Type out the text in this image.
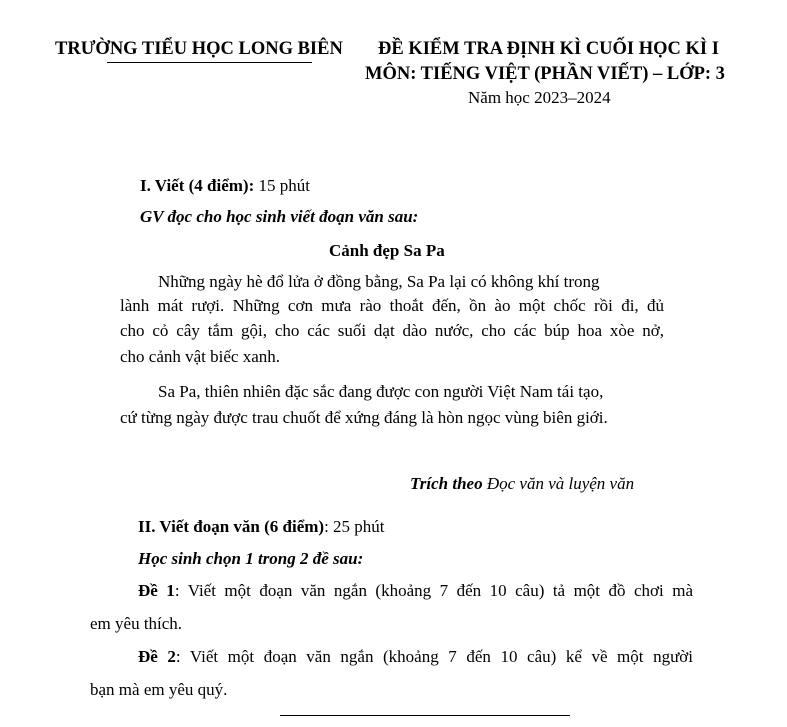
TRƯỜNG TIỂU HỌC LONG BIÊN ĐỀ KIỂM TRA ĐỊNH KÌ CUỐI HỌC KÌ I
MÔN: TIẾNG VIỆT (PHẦN VIẾT) – LỚP: 3
Năm học 2023–2024
I. Viết (4 điểm): 15 phút
GV đọc cho học sinh viết đoạn văn sau:
Cảnh đẹp Sa Pa
Những ngày hè đổ lửa ở đồng bằng, Sa Pa lại có không khí trong
lành mát rượi. Những cơn mưa rào thoắt đến, ồn ào một chốc rồi đi, đủ
cho cỏ cây tắm gội, cho các suối dạt dào nước, cho các búp hoa xòe nở,
cho cảnh vật biếc xanh.
Sa Pa, thiên nhiên đặc sắc đang được con người Việt Nam tái tạo,
cứ từng ngày được trau chuốt để xứng đáng là hòn ngọc vùng biên giới.
Trích theo Đọc văn và luyện văn
II. Viết đoạn văn (6 điểm): 25 phút
Học sinh chọn 1 trong 2 đề sau:
Đề 1: Viết một đoạn văn ngắn (khoảng 7 đến 10 câu) tả một đồ chơi mà
em yêu thích.
Đề 2: Viết một đoạn văn ngắn (khoảng 7 đến 10 câu) kể về một người
bạn mà em yêu quý.
